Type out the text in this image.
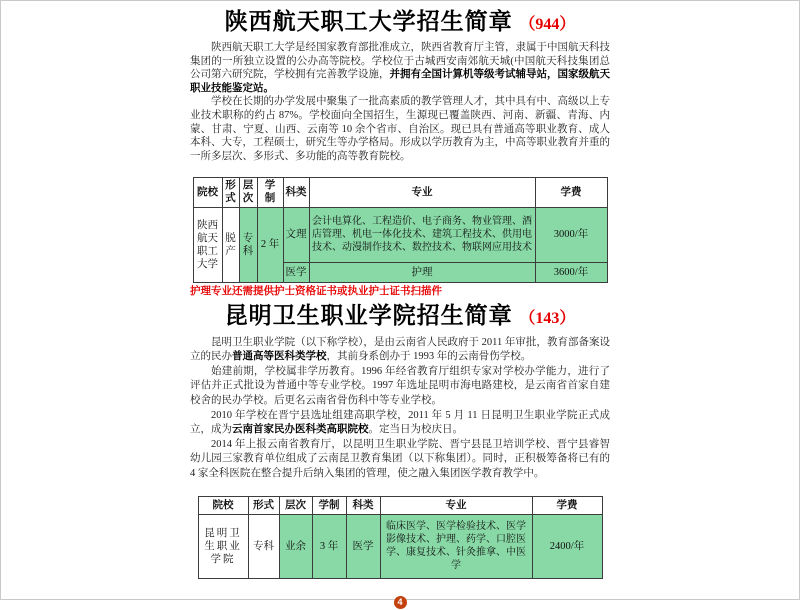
陕西航天职工大学招生简章 （944）

陕西航天职工大学是经国家教育部批准成立，陕西省教育厅主管，隶属于中国航天科技集团的一所独立设置的公办高等院校。学校位于古城西安南郊航天城(中国航天科技集团总公司第六研究院，学校拥有完善教学设施，并拥有全国计算机等级考试辅导站，国家级航天职业技能鉴定站。

学校在长期的办学发展中聚集了一批高素质的教学管理人才，其中具有中、高级以上专业技术职称的约占 87%。学校面向全国招生，生源现已覆盖陕西、河南、新疆、青海、内蒙、甘肃、宁夏、山西、云南等 10 余个省市、自治区。现已具有普通高等职业教育、成人本科、大专，工程硕士，研究生等办学格局。形成以学历教育为主，中高等职业教育并重的一所多层次、多形式、多功能的高等教育院校。

院校	形式	层次	学制	科类	专业	学费
陕西航天职工大学	脱产	专科	2 年	文理	会计电算化、工程造价、电子商务、物业管理、酒店管理、机电一体化技术、建筑工程技术、供用电技术、动漫制作技术、数控技术、物联网应用技术	3000/年
				医学	护理	3600/年
护理专业还需提供护士资格证书或执业护士证书扫描件
昆明卫生职业学院招生简章 （143）

昆明卫生职业学院（以下称学校），是由云南省人民政府于 2011 年审批，教育部备案设立的民办普通高等医科类学校，其前身系创办于 1993 年的云南骨伤学校。

始建前期，学校属非学历教育。1996 年经省教育厅组织专家对学校办学能力，进行了评估并正式批设为普通中等专业学校。1997 年选址昆明市海电路建校，是云南省首家自建校舍的民办学校。后更名云南省骨伤科中等专业学校。

2010 年学校在晋宁县选址组建高职学校，2011 年 5 月 11 日昆明卫生职业学院正式成立，成为云南首家民办医科类高职院校。定当日为校庆日。

2014 年上报云南省教育厅，以昆明卫生职业学院、晋宁县昆卫培训学校、晋宁县睿智幼儿园三家教育单位组成了云南昆卫教育集团（以下称集团）。同时，正积极筹备将已有的 4 家全科医院在整合提升后纳入集团的管理，使之融入集团医学教育教学中。

院校	形式	层次	学制	科类	专业	学费
昆明卫生职业学院	专科	业余	3 年	医学	临床医学、医学检验技术、医学影像技术、护理、药学、口腔医学、康复技术、针灸推拿、中医学	2400/年
4
